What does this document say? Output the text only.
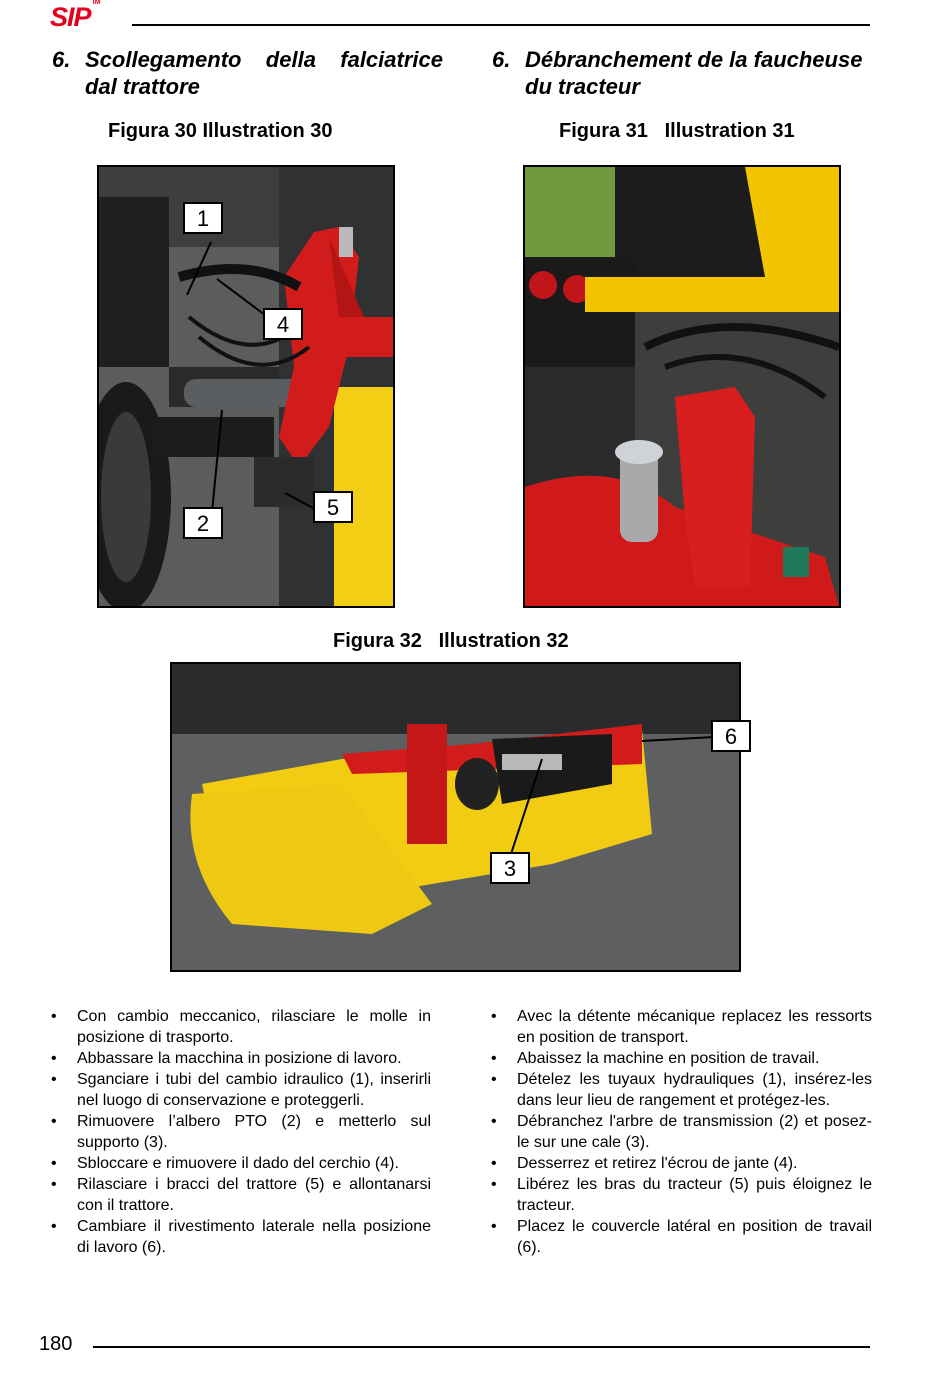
SIP™
6. Scollegamento della falciatrice
dal trattore
6. Débranchement de la faucheuse
du tracteur
Figura 30 Illustration 30
1
4
2
5
Figura 31   Illustration 31
Figura 32   Illustration 32
6
3
• Con cambio meccanico, rilasciare le molle in posizione di trasporto.
• Abbassare la macchina in posizione di lavoro.
• Sganciare i tubi del cambio idraulico (1), inserirli nel luogo di conservazione e proteggerli.
• Rimuovere l’albero PTO (2) e metterlo sul supporto (3).
• Sbloccare e rimuovere il dado del cerchio (4).
• Rilasciare i bracci del trattore (5) e allontanarsi con il trattore.
• Cambiare il rivestimento laterale nella posizione di lavoro (6).
• Avec la détente mécanique replacez les ressorts en position de transport.
• Abaissez la machine en position de travail.
• Dételez les tuyaux hydrauliques (1), insérez-les dans leur lieu de rangement et protégez-les.
• Débranchez l'arbre de transmission (2) et posez-le sur une cale (3).
• Desserrez et retirez l'écrou de jante (4).
• Libérez les bras du tracteur (5) puis éloignez le tracteur.
• Placez le couvercle latéral en position de travail (6).
180
